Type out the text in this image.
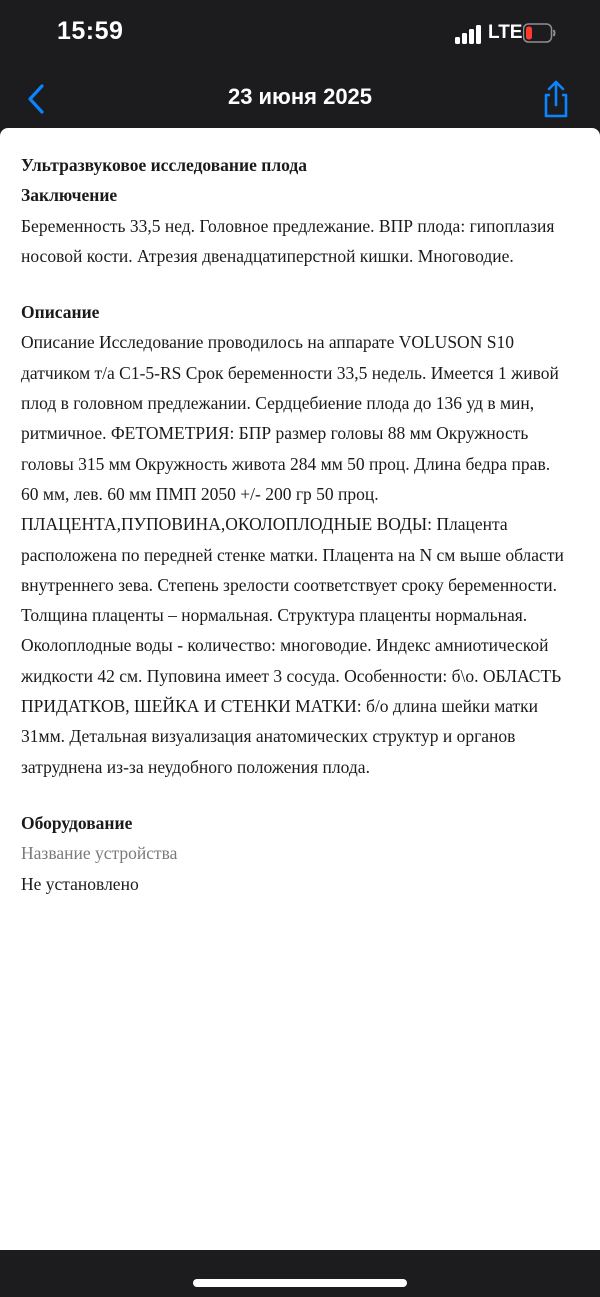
15:59	LTE
23 июня 2025

Ультразвуковое исследование плода

Заключение

Беременность 33,5 нед. Головное предлежание. ВПР плода: гипоплазия носовой кости. Атрезия двенадцатиперстной кишки. Многоводие.

Описание

Описание Исследование проводилось на аппарате VOLUSON S10 датчиком т/а C1-5-RS Срок беременности 33,5 недель. Имеется 1 живой плод в головном предлежании. Сердцебиение плода до 136 уд в мин, ритмичное. ФЕТОМЕТРИЯ: БПР размер головы 88 мм Окружность головы 315 мм Окружность живота 284 мм 50 проц. Длина бедра прав. 60 мм, лев. 60 мм ПМП 2050 +/- 200 гр 50 проц. ПЛАЦЕНТА,ПУПОВИНА,ОКОЛОПЛОДНЫЕ ВОДЫ: Плацента расположена по передней стенке матки. Плацента на N см выше области внутреннего зева. Степень зрелости соответствует сроку беременности. Толщина плаценты – нормальная. Структура плаценты нормальная. Околоплодные воды - количество: многоводие. Индекс амниотической жидкости 42 см. Пуповина имеет 3 сосуда. Особенности: б\о. ОБЛАСТЬ ПРИДАТКОВ, ШЕЙКА И СТЕНКИ МАТКИ: б/о длина шейки матки 31мм. Детальная визуализация анатомических структур и органов затруднена из-за неудобного положения плода.

Оборудование

Название устройства

Не установлено
